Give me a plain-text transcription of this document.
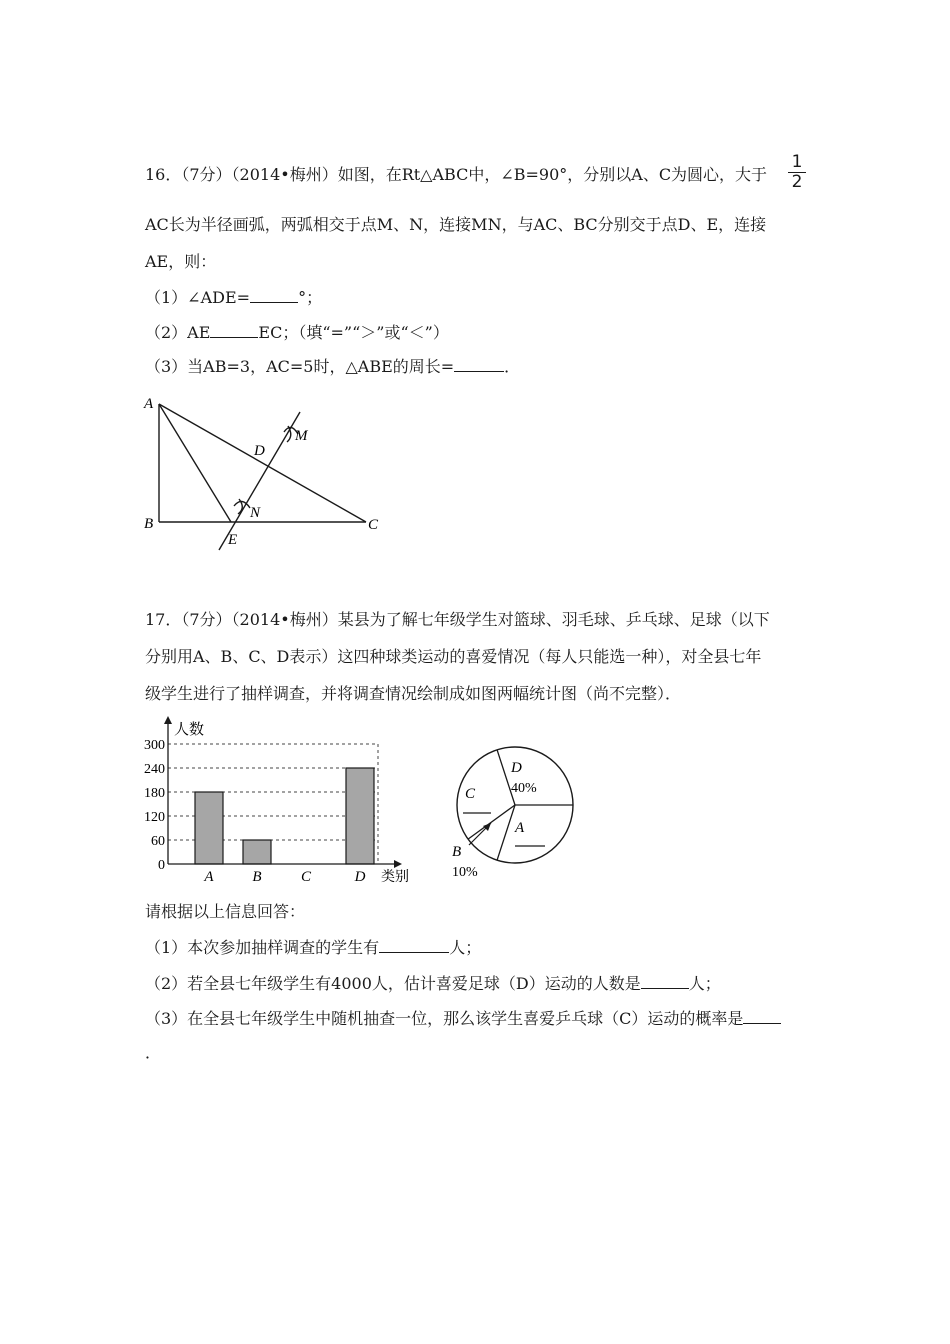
16．（7分）（2014•梅州）如图，在Rt△ABC中，∠B=90°，分别以A、C为圆心，大于 $\frac{1}{2}$
AC长为半径画弧，两弧相交于点M、N，连接MN，与AC、BC分别交于点D、E，连接
AE，则：
（1）∠ADE=	°；
（2）AE	EC；（填“=”“＞”或“＜”）
（3）当AB=3，AC=5时，△ABE的周长=	．
A
B	C
D
E
M
N
17．（7分）（2014•梅州）某县为了解七年级学生对篮球、羽毛球、乒乓球、足球（以下
分别用A、B、C、D表示）这四种球类运动的喜爱情况（每人只能选一种），对全县七年
级学生进行了抽样调查，并将调查情况绘制成如图两幅统计图（尚不完整）．
0
60
120
180
240
300
A	B	C	D
人数
类别
D
40%
A
C
B
10%
请根据以上信息回答：
（1）本次参加抽样调查的学生有	人；
（2）若全县七年级学生有4000人，估计喜爱足球（D）运动的人数是	人；
（3）在全县七年级学生中随机抽查一位，那么该学生喜爱乒乓球（C）运动的概率是
．
